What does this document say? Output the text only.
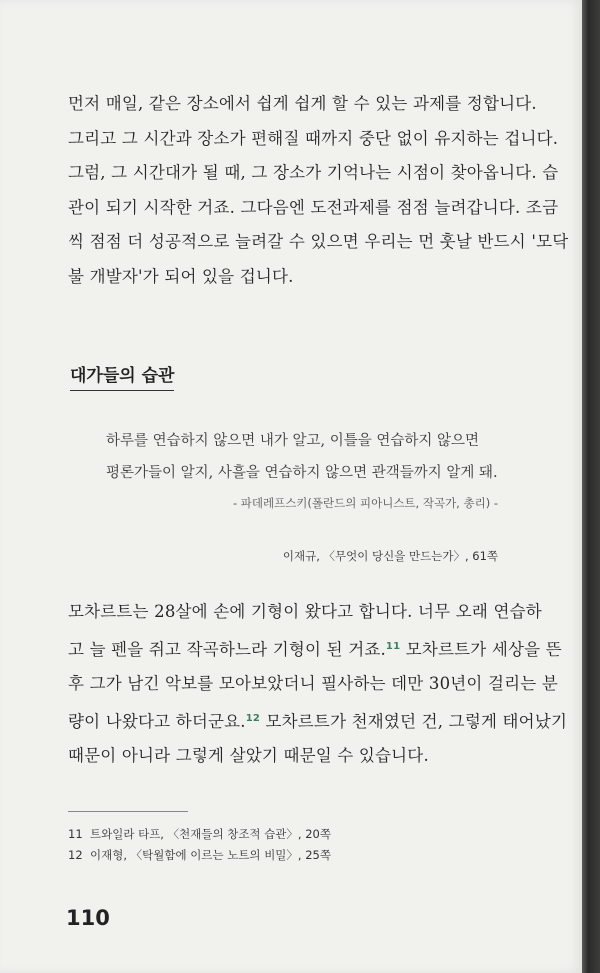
먼저 매일, 같은 장소에서 쉽게 쉽게 할 수 있는 과제를 정합니다.
그리고 그 시간과 장소가 편해질 때까지 중단 없이 유지하는 겁니다.
그럼, 그 시간대가 될 때, 그 장소가 기억나는 시점이 찾아옵니다. 습
관이 되기 시작한 거죠. 그다음엔 도전과제를 점점 늘려갑니다. 조금
씩 점점 더 성공적으로 늘려갈 수 있으면 우리는 먼 훗날 반드시 '모닥
불 개발자'가 되어 있을 겁니다.
대가들의 습관
하루를 연습하지 않으면 내가 알고, 이틀을 연습하지 않으면
평론가들이 알지, 사흘을 연습하지 않으면 관객들까지 알게 돼.
- 파데레프스키(폴란드의 피아니스트, 작곡가, 총리) -
이재규, 〈무엇이 당신을 만드는가〉, 61쪽
모차르트는 28살에 손에 기형이 왔다고 합니다. 너무 오래 연습하
고 늘 펜을 쥐고 작곡하느라 기형이 된 거죠.$^{11}$ 모차르트가 세상을 뜬
후 그가 남긴 악보를 모아보았더니 필사하는 데만 30년이 걸리는 분
량이 나왔다고 하더군요.$^{12}$ 모차르트가 천재였던 건, 그렇게 태어났기
때문이 아니라 그렇게 살았기 때문일 수 있습니다.
11 트와일라 타프, 〈천재들의 창조적 습관〉, 20쪽
12 이재형, 〈탁월함에 이르는 노트의 비밀〉, 25쪽
110
